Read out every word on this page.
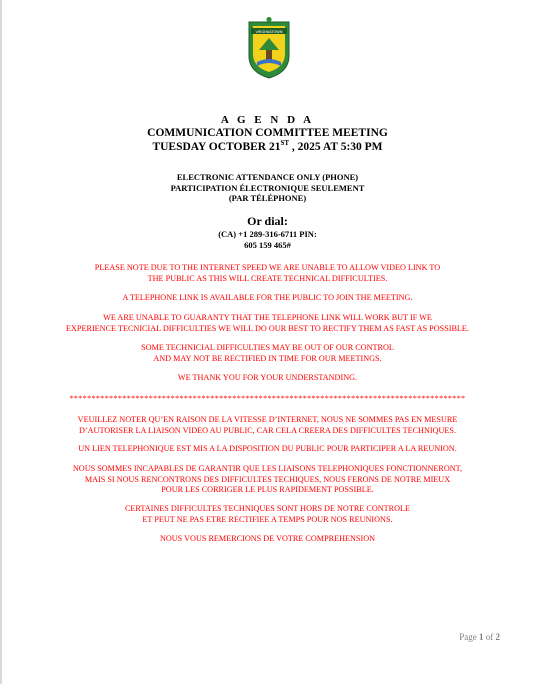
VIRGINIATOWN
A G E N D A
COMMUNICATION COMMITTEE MEETING
TUESDAY OCTOBER 21ST , 2025 AT 5:30 PM
ELECTRONIC ATTENDANCE ONLY (PHONE)
PARTICIPATION ÉLECTRONIQUE SEULEMENT
(PAR TÉLÉPHONE)
Or dial:
(CA) +1 289-316-6711 PIN:
605 159 465#
PLEASE NOTE DUE TO THE INTERNET SPEED WE ARE UNABLE TO ALLOW VIDEO LINK TO
THE PUBLIC AS THIS WILL CREATE TECHNICAL DIFFICULTIES.
A TELEPHONE LINK IS AVAILABLE FOR THE PUBLIC TO JOIN THE MEETING.
WE ARE UNABLE TO GUARANTY THAT THE TELEPHONE LINK WILL WORK BUT IF WE
EXPERIENCE TECNICIAL DIFFICULTIES WE WILL DO OUR BEST TO RECTIFY THEM AS FAST AS POSSIBLE.
SOME TECHNICIAL DIFFICULTIES MAY BE OUT OF OUR CONTROL
AND MAY NOT BE RECTIFIED IN TIME FOR OUR MEETINGS.
WE THANK YOU FOR YOUR UNDERSTANDING.
******************************************************************************************
VEUILLEZ NOTER QU’EN RAISON DE LA VITESSE D’INTERNET, NOUS NE SOMMES PAS EN MESURE
D’AUTORISER LA LIAISON VIDEO AU PUBLIC, CAR CELA CREERA DES DIFFICULTES TECHNIQUES.
UN LIEN TELEPHONIQUE EST MIS A LA DISPOSITION DU PUBLIC POUR PARTICIPER A LA REUNION.
NOUS SOMMES INCAPABLES DE GARANTIR QUE LES LIAISONS TELEPHONIQUES FONCTIONNERONT,
MAIS SI NOUS RENCONTRONS DES DIFFICULTES TECHIQUES, NOUS FERONS DE NOTRE MIEUX
POUR LES CORRIGER LE PLUS RAPIDEMENT POSSIBLE.
CERTAINES DIFFICULTES TECHNIQUES SONT HORS DE NOTRE CONTROLE
ET PEUT NE PAS ETRE RECTIFIEE A TEMPS POUR NOS REUNIONS.
NOUS VOUS REMERCIONS DE VOTRE COMPREHENSION
Page 1 of 2
